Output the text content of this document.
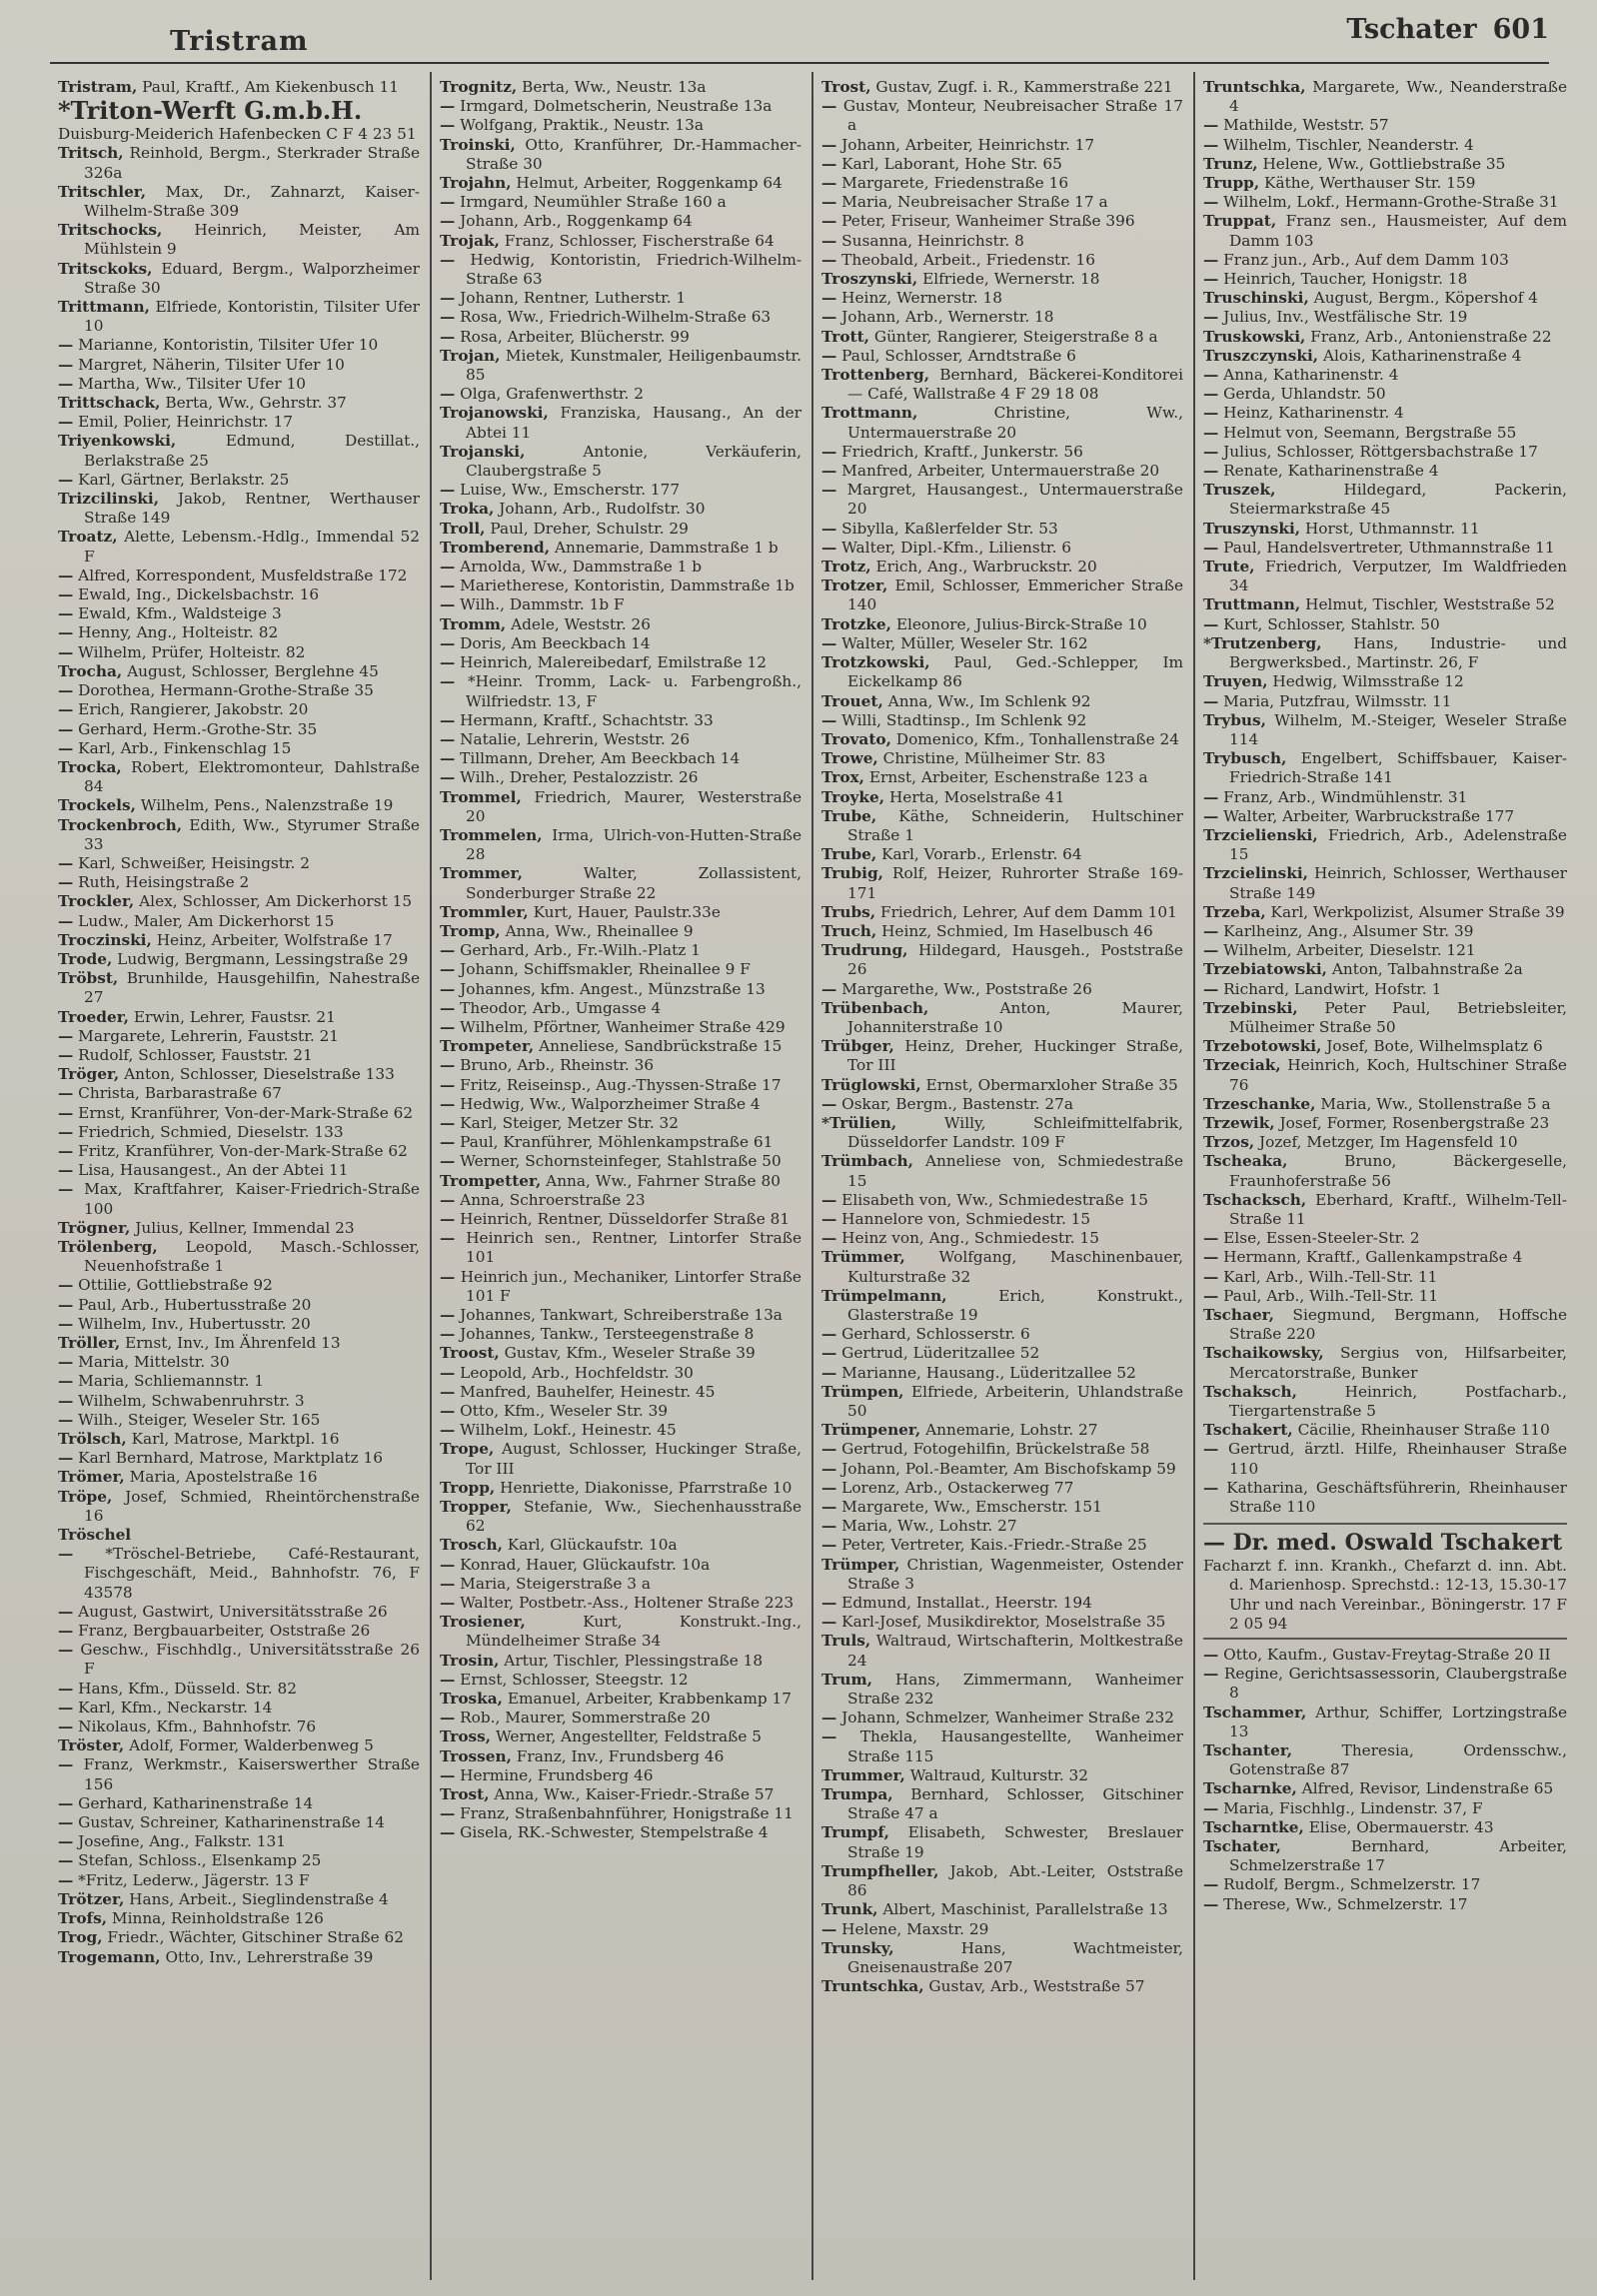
Tristram	Tschater 601
Tristram, Paul, Kraftf., Am Kiekenbusch 11
*Triton-Werft G.m.b.H.
Duisburg-Meiderich Hafenbecken C F 4 23 51
Tritsch, Reinhold, Bergm., Sterkrader Straße 326a
Tritschler, Max, Dr., Zahnarzt, Kaiser-Wilhelm-Straße 309
Tritschocks, Heinrich, Meister, Am Mühlstein 9
Tritsckoks, Eduard, Bergm., Walporzheimer Straße 30
Trittmann, Elfriede, Kontoristin, Tilsiter Ufer 10
— Marianne, Kontoristin, Tilsiter Ufer 10
— Margret, Näherin, Tilsiter Ufer 10
— Martha, Ww., Tilsiter Ufer 10
Trittschack, Berta, Ww., Gehrstr. 37
— Emil, Polier, Heinrichstr. 17
Triyenkowski, Edmund, Destillat., Berlakstraße 25
— Karl, Gärtner, Berlakstr. 25
Trizcilinski, Jakob, Rentner, Werthauser Straße 149
Troatz, Alette, Lebensm.-Hdlg., Immendal 52 F
— Alfred, Korrespondent, Musfeldstraße 172
— Ewald, Ing., Dickelsbachstr. 16
— Ewald, Kfm., Waldsteige 3
— Henny, Ang., Holteistr. 82
— Wilhelm, Prüfer, Holteistr. 82
Trocha, August, Schlosser, Berglehne 45
— Dorothea, Hermann-Grothe-Straße 35
— Erich, Rangierer, Jakobstr. 20
— Gerhard, Herm.-Grothe-Str. 35
— Karl, Arb., Finkenschlag 15
Trocka, Robert, Elektromonteur, Dahlstraße 84
Trockels, Wilhelm, Pens., Nalenzstraße 19
Trockenbroch, Edith, Ww., Styrumer Straße 33
— Karl, Schweißer, Heisingstr. 2
— Ruth, Heisingstraße 2
Trockler, Alex, Schlosser, Am Dickerhorst 15
— Ludw., Maler, Am Dickerhorst 15
Troczinski, Heinz, Arbeiter, Wolfstraße 17
Trode, Ludwig, Bergmann, Lessingstraße 29
Tröbst, Brunhilde, Hausgehilfin, Nahestraße 27
Troeder, Erwin, Lehrer, Faustsr. 21
— Margarete, Lehrerin, Fauststr. 21
— Rudolf, Schlosser, Fauststr. 21
Tröger, Anton, Schlosser, Dieselstraße 133
— Christa, Barbarastraße 67
— Ernst, Kranführer, Von-der-Mark-Straße 62
— Friedrich, Schmied, Dieselstr. 133
— Fritz, Kranführer, Von-der-Mark-Straße 62
— Lisa, Hausangest., An der Abtei 11
— Max, Kraftfahrer, Kaiser-Friedrich-Straße 100
Trögner, Julius, Kellner, Immendal 23
Trölenberg, Leopold, Masch.-Schlosser, Neuenhofstraße 1
— Ottilie, Gottliebstraße 92
— Paul, Arb., Hubertusstraße 20
— Wilhelm, Inv., Hubertusstr. 20
Tröller, Ernst, Inv., Im Ährenfeld 13
— Maria, Mittelstr. 30
— Maria, Schliemannstr. 1
— Wilhelm, Schwabenruhrstr. 3
— Wilh., Steiger, Weseler Str. 165
Trölsch, Karl, Matrose, Marktpl. 16
— Karl Bernhard, Matrose, Marktplatz 16
Trömer, Maria, Apostelstraße 16
Tröpe, Josef, Schmied, Rheintörchenstraße 16
Tröschel
— *Tröschel-Betriebe, Café-Restaurant, Fischgeschäft, Meid., Bahnhofstr. 76, F 43578
— August, Gastwirt, Universitätsstraße 26
— Franz, Bergbauarbeiter, Oststraße 26
— Geschw., Fischhdlg., Universitätsstraße 26 F
— Hans, Kfm., Düsseld. Str. 82
— Karl, Kfm., Neckarstr. 14
— Nikolaus, Kfm., Bahnhofstr. 76
Tröster, Adolf, Former, Walderbenweg 5
— Franz, Werkmstr., Kaiserswerther Straße 156
— Gerhard, Katharinenstraße 14
— Gustav, Schreiner, Katharinenstraße 14
— Josefine, Ang., Falkstr. 131
— Stefan, Schloss., Elsenkamp 25
— *Fritz, Lederw., Jägerstr. 13 F
Trötzer, Hans, Arbeit., Sieglindenstraße 4
Trofs, Minna, Reinholdstraße 126
Trog, Friedr., Wächter, Gitschiner Straße 62
Trogemann, Otto, Inv., Lehrerstraße 39
Trognitz, Berta, Ww., Neustr. 13a
— Irmgard, Dolmetscherin, Neustraße 13a
— Wolfgang, Praktik., Neustr. 13a
Troinski, Otto, Kranführer, Dr.-Hammacher-Straße 30
Trojahn, Helmut, Arbeiter, Roggenkamp 64
— Irmgard, Neumühler Straße 160 a
— Johann, Arb., Roggenkamp 64
Trojak, Franz, Schlosser, Fischerstraße 64
— Hedwig, Kontoristin, Friedrich-Wilhelm-Straße 63
— Johann, Rentner, Lutherstr. 1
— Rosa, Ww., Friedrich-Wilhelm-Straße 63
— Rosa, Arbeiter, Blücherstr. 99
Trojan, Mietek, Kunstmaler, Heiligenbaumstr. 85
— Olga, Grafenwerthstr. 2
Trojanowski, Franziska, Hausang., An der Abtei 11
Trojanski, Antonie, Verkäuferin, Claubergstraße 5
— Luise, Ww., Emscherstr. 177
Troka, Johann, Arb., Rudolfstr. 30
Troll, Paul, Dreher, Schulstr. 29
Tromberend, Annemarie, Dammstraße 1 b
— Arnolda, Ww., Dammstraße 1 b
— Marietherese, Kontoristin, Dammstraße 1b
— Wilh., Dammstr. 1b F
Tromm, Adele, Weststr. 26
— Doris, Am Beeckbach 14
— Heinrich, Malereibedarf, Emilstraße 12
— *Heinr. Tromm, Lack- u. Farbengroßh., Wilfriedstr. 13, F
— Hermann, Kraftf., Schachtstr. 33
— Natalie, Lehrerin, Weststr. 26
— Tillmann, Dreher, Am Beeckbach 14
— Wilh., Dreher, Pestalozzistr. 26
Trommel, Friedrich, Maurer, Westerstraße 20
Trommelen, Irma, Ulrich-von-Hutten-Straße 28
Trommer, Walter, Zollassistent, Sonderburger Straße 22
Trommler, Kurt, Hauer, Paulstr.33e
Tromp, Anna, Ww., Rheinallee 9
— Gerhard, Arb., Fr.-Wilh.-Platz 1
— Johann, Schiffsmakler, Rheinallee 9 F
— Johannes, kfm. Angest., Münzstraße 13
— Theodor, Arb., Umgasse 4
— Wilhelm, Pförtner, Wanheimer Straße 429
Trompeter, Anneliese, Sandbrückstraße 15
— Bruno, Arb., Rheinstr. 36
— Fritz, Reiseinsp., Aug.-Thyssen-Straße 17
— Hedwig, Ww., Walporzheimer Straße 4
— Karl, Steiger, Metzer Str. 32
— Paul, Kranführer, Möhlenkampstraße 61
— Werner, Schornsteinfeger, Stahlstraße 50
Trompetter, Anna, Ww., Fahrner Straße 80
— Anna, Schroerstraße 23
— Heinrich, Rentner, Düsseldorfer Straße 81
— Heinrich sen., Rentner, Lintorfer Straße 101
— Heinrich jun., Mechaniker, Lintorfer Straße 101 F
— Johannes, Tankwart, Schreiberstraße 13a
— Johannes, Tankw., Tersteegenstraße 8
Troost, Gustav, Kfm., Weseler Straße 39
— Leopold, Arb., Hochfeldstr. 30
— Manfred, Bauhelfer, Heinestr. 45
— Otto, Kfm., Weseler Str. 39
— Wilhelm, Lokf., Heinestr. 45
Trope, August, Schlosser, Huckinger Straße, Tor III
Tropp, Henriette, Diakonisse, Pfarrstraße 10
Tropper, Stefanie, Ww., Siechenhausstraße 62
Trosch, Karl, Glückaufstr. 10a
— Konrad, Hauer, Glückaufstr. 10a
— Maria, Steigerstraße 3 a
— Walter, Postbetr.-Ass., Holtener Straße 223
Trosiener, Kurt, Konstrukt.-Ing., Mündelheimer Straße 34
Trosin, Artur, Tischler, Plessingstraße 18
— Ernst, Schlosser, Steegstr. 12
Troska, Emanuel, Arbeiter, Krabbenkamp 17
— Rob., Maurer, Sommerstraße 20
Tross, Werner, Angestellter, Feldstraße 5
Trossen, Franz, Inv., Frundsberg 46
— Hermine, Frundsberg 46
Trost, Anna, Ww., Kaiser-Friedr.-Straße 57
— Franz, Straßenbahnführer, Honigstraße 11
— Gisela, RK.-Schwester, Stempelstraße 4
Trost, Gustav, Zugf. i. R., Kammerstraße 221
— Gustav, Monteur, Neubreisacher Straße 17 a
— Johann, Arbeiter, Heinrichstr. 17
— Karl, Laborant, Hohe Str. 65
— Margarete, Friedenstraße 16
— Maria, Neubreisacher Straße 17 a
— Peter, Friseur, Wanheimer Straße 396
— Susanna, Heinrichstr. 8
— Theobald, Arbeit., Friedenstr. 16
Troszynski, Elfriede, Wernerstr. 18
— Heinz, Wernerstr. 18
— Johann, Arb., Wernerstr. 18
Trott, Günter, Rangierer, Steigerstraße 8 a
— Paul, Schlosser, Arndtstraße 6
Trottenberg, Bernhard, Bäckerei-Konditorei — Café, Wallstraße 4 F 29 18 08
Trottmann, Christine, Ww., Untermauerstraße 20
— Friedrich, Kraftf., Junkerstr. 56
— Manfred, Arbeiter, Untermauerstraße 20
— Margret, Hausangest., Untermauerstraße 20
— Sibylla, Kaßlerfelder Str. 53
— Walter, Dipl.-Kfm., Lilienstr. 6
Trotz, Erich, Ang., Warbruckstr. 20
Trotzer, Emil, Schlosser, Emmericher Straße 140
Trotzke, Eleonore, Julius-Birck-Straße 10
— Walter, Müller, Weseler Str. 162
Trotzkowski, Paul, Ged.-Schlepper, Im Eickelkamp 86
Trouet, Anna, Ww., Im Schlenk 92
— Willi, Stadtinsp., Im Schlenk 92
Trovato, Domenico, Kfm., Tonhallenstraße 24
Trowe, Christine, Mülheimer Str. 83
Trox, Ernst, Arbeiter, Eschenstraße 123 a
Troyke, Herta, Moselstraße 41
Trube, Käthe, Schneiderin, Hultschiner Straße 1
Trube, Karl, Vorarb., Erlenstr. 64
Trubig, Rolf, Heizer, Ruhrorter Straße 169-171
Trubs, Friedrich, Lehrer, Auf dem Damm 101
Truch, Heinz, Schmied, Im Haselbusch 46
Trudrung, Hildegard, Hausgeh., Poststraße 26
— Margarethe, Ww., Poststraße 26
Trübenbach, Anton, Maurer, Johanniterstraße 10
Trübger, Heinz, Dreher, Huckinger Straße, Tor III
Trüglowski, Ernst, Obermarxloher Straße 35
— Oskar, Bergm., Bastenstr. 27a
*Trülien, Willy, Schleifmittelfabrik, Düsseldorfer Landstr. 109 F
Trümbach, Anneliese von, Schmiedestraße 15
— Elisabeth von, Ww., Schmiedestraße 15
— Hannelore von, Schmiedestr. 15
— Heinz von, Ang., Schmiedestr. 15
Trümmer, Wolfgang, Maschinenbauer, Kulturstraße 32
Trümpelmann, Erich, Konstrukt., Glasterstraße 19
— Gerhard, Schlosserstr. 6
— Gertrud, Lüderitzallee 52
— Marianne, Hausang., Lüderitzallee 52
Trümpen, Elfriede, Arbeiterin, Uhlandstraße 50
Trümpener, Annemarie, Lohstr. 27
— Gertrud, Fotogehilfin, Brückelstraße 58
— Johann, Pol.-Beamter, Am Bischofskamp 59
— Lorenz, Arb., Ostackerweg 77
— Margarete, Ww., Emscherstr. 151
— Maria, Ww., Lohstr. 27
— Peter, Vertreter, Kais.-Friedr.-Straße 25
Trümper, Christian, Wagenmeister, Ostender Straße 3
— Edmund, Installat., Heerstr. 194
— Karl-Josef, Musikdirektor, Moselstraße 35
Truls, Waltraud, Wirtschafterin, Moltkestraße 24
Trum, Hans, Zimmermann, Wanheimer Straße 232
— Johann, Schmelzer, Wanheimer Straße 232
— Thekla, Hausangestellte, Wanheimer Straße 115
Trummer, Waltraud, Kulturstr. 32
Trumpa, Bernhard, Schlosser, Gitschiner Straße 47 a
Trumpf, Elisabeth, Schwester, Breslauer Straße 19
Trumpfheller, Jakob, Abt.-Leiter, Oststraße 86
Trunk, Albert, Maschinist, Parallelstraße 13
— Helene, Maxstr. 29
Trunsky, Hans, Wachtmeister, Gneisenaustraße 207
Truntschka, Gustav, Arb., Weststraße 57
Truntschka, Margarete, Ww., Neanderstraße 4
— Mathilde, Weststr. 57
— Wilhelm, Tischler, Neanderstr. 4
Trunz, Helene, Ww., Gottliebstraße 35
Trupp, Käthe, Werthauser Str. 159
— Wilhelm, Lokf., Hermann-Grothe-Straße 31
Truppat, Franz sen., Hausmeister, Auf dem Damm 103
— Franz jun., Arb., Auf dem Damm 103
— Heinrich, Taucher, Honigstr. 18
Truschinski, August, Bergm., Köpershof 4
— Julius, Inv., Westfälische Str. 19
Truskowski, Franz, Arb., Antonienstraße 22
Truszczynski, Alois, Katharinenstraße 4
— Anna, Katharinenstr. 4
— Gerda, Uhlandstr. 50
— Heinz, Katharinenstr. 4
— Helmut von, Seemann, Bergstraße 55
— Julius, Schlosser, Röttgersbachstraße 17
— Renate, Katharinenstraße 4
Truszek, Hildegard, Packerin, Steiermarkstraße 45
Truszynski, Horst, Uthmannstr. 11
— Paul, Handelsvertreter, Uthmannstraße 11
Trute, Friedrich, Verputzer, Im Waldfrieden 34
Truttmann, Helmut, Tischler, Weststraße 52
— Kurt, Schlosser, Stahlstr. 50
*Trutzenberg, Hans, Industrie- und Bergwerksbed., Martinstr. 26, F
Truyen, Hedwig, Wilmsstraße 12
— Maria, Putzfrau, Wilmsstr. 11
Trybus, Wilhelm, M.-Steiger, Weseler Straße 114
Trybusch, Engelbert, Schiffsbauer, Kaiser-Friedrich-Straße 141
— Franz, Arb., Windmühlenstr. 31
— Walter, Arbeiter, Warbruckstraße 177
Trzcielienski, Friedrich, Arb., Adelenstraße 15
Trzcielinski, Heinrich, Schlosser, Werthauser Straße 149
Trzeba, Karl, Werkpolizist, Alsumer Straße 39
— Karlheinz, Ang., Alsumer Str. 39
— Wilhelm, Arbeiter, Dieselstr. 121
Trzebiatowski, Anton, Talbahnstraße 2a
— Richard, Landwirt, Hofstr. 1
Trzebinski, Peter Paul, Betriebsleiter, Mülheimer Straße 50
Trzebotowski, Josef, Bote, Wilhelmsplatz 6
Trzeciak, Heinrich, Koch, Hultschiner Straße 76
Trzeschanke, Maria, Ww., Stollenstraße 5 a
Trzewik, Josef, Former, Rosenbergstraße 23
Trzos, Jozef, Metzger, Im Hagensfeld 10
Tscheaka, Bruno, Bäckergeselle, Fraunhoferstraße 56
Tschacksch, Eberhard, Kraftf., Wilhelm-Tell-Straße 11
— Else, Essen-Steeler-Str. 2
— Hermann, Kraftf., Gallenkampstraße 4
— Karl, Arb., Wilh.-Tell-Str. 11
— Paul, Arb., Wilh.-Tell-Str. 11
Tschaer, Siegmund, Bergmann, Hoffsche Straße 220
Tschaikowsky, Sergius von, Hilfsarbeiter, Mercatorstraße, Bunker
Tschaksch, Heinrich, Postfacharb., Tiergartenstraße 5
Tschakert, Cäcilie, Rheinhauser Straße 110
— Gertrud, ärztl. Hilfe, Rheinhauser Straße 110
— Katharina, Geschäftsführerin, Rheinhauser Straße 110
— Dr. med. Oswald Tschakert
Facharzt f. inn. Krankh., Chefarzt d. inn. Abt. d. Marienhosp. Sprechstd.: 12-13, 15.30-17 Uhr und nach Vereinbar., Böningerstr. 17 F 2 05 94
— Otto, Kaufm., Gustav-Freytag-Straße 20 II
— Regine, Gerichtsassessorin, Claubergstraße 8
Tschammer, Arthur, Schiffer, Lortzingstraße 13
Tschanter, Theresia, Ordensschw., Gotenstraße 87
Tscharnke, Alfred, Revisor, Lindenstraße 65
— Maria, Fischhlg., Lindenstr. 37, F
Tscharntke, Elise, Obermauerstr. 43
Tschater, Bernhard, Arbeiter, Schmelzerstraße 17
— Rudolf, Bergm., Schmelzerstr. 17
— Therese, Ww., Schmelzerstr. 17
